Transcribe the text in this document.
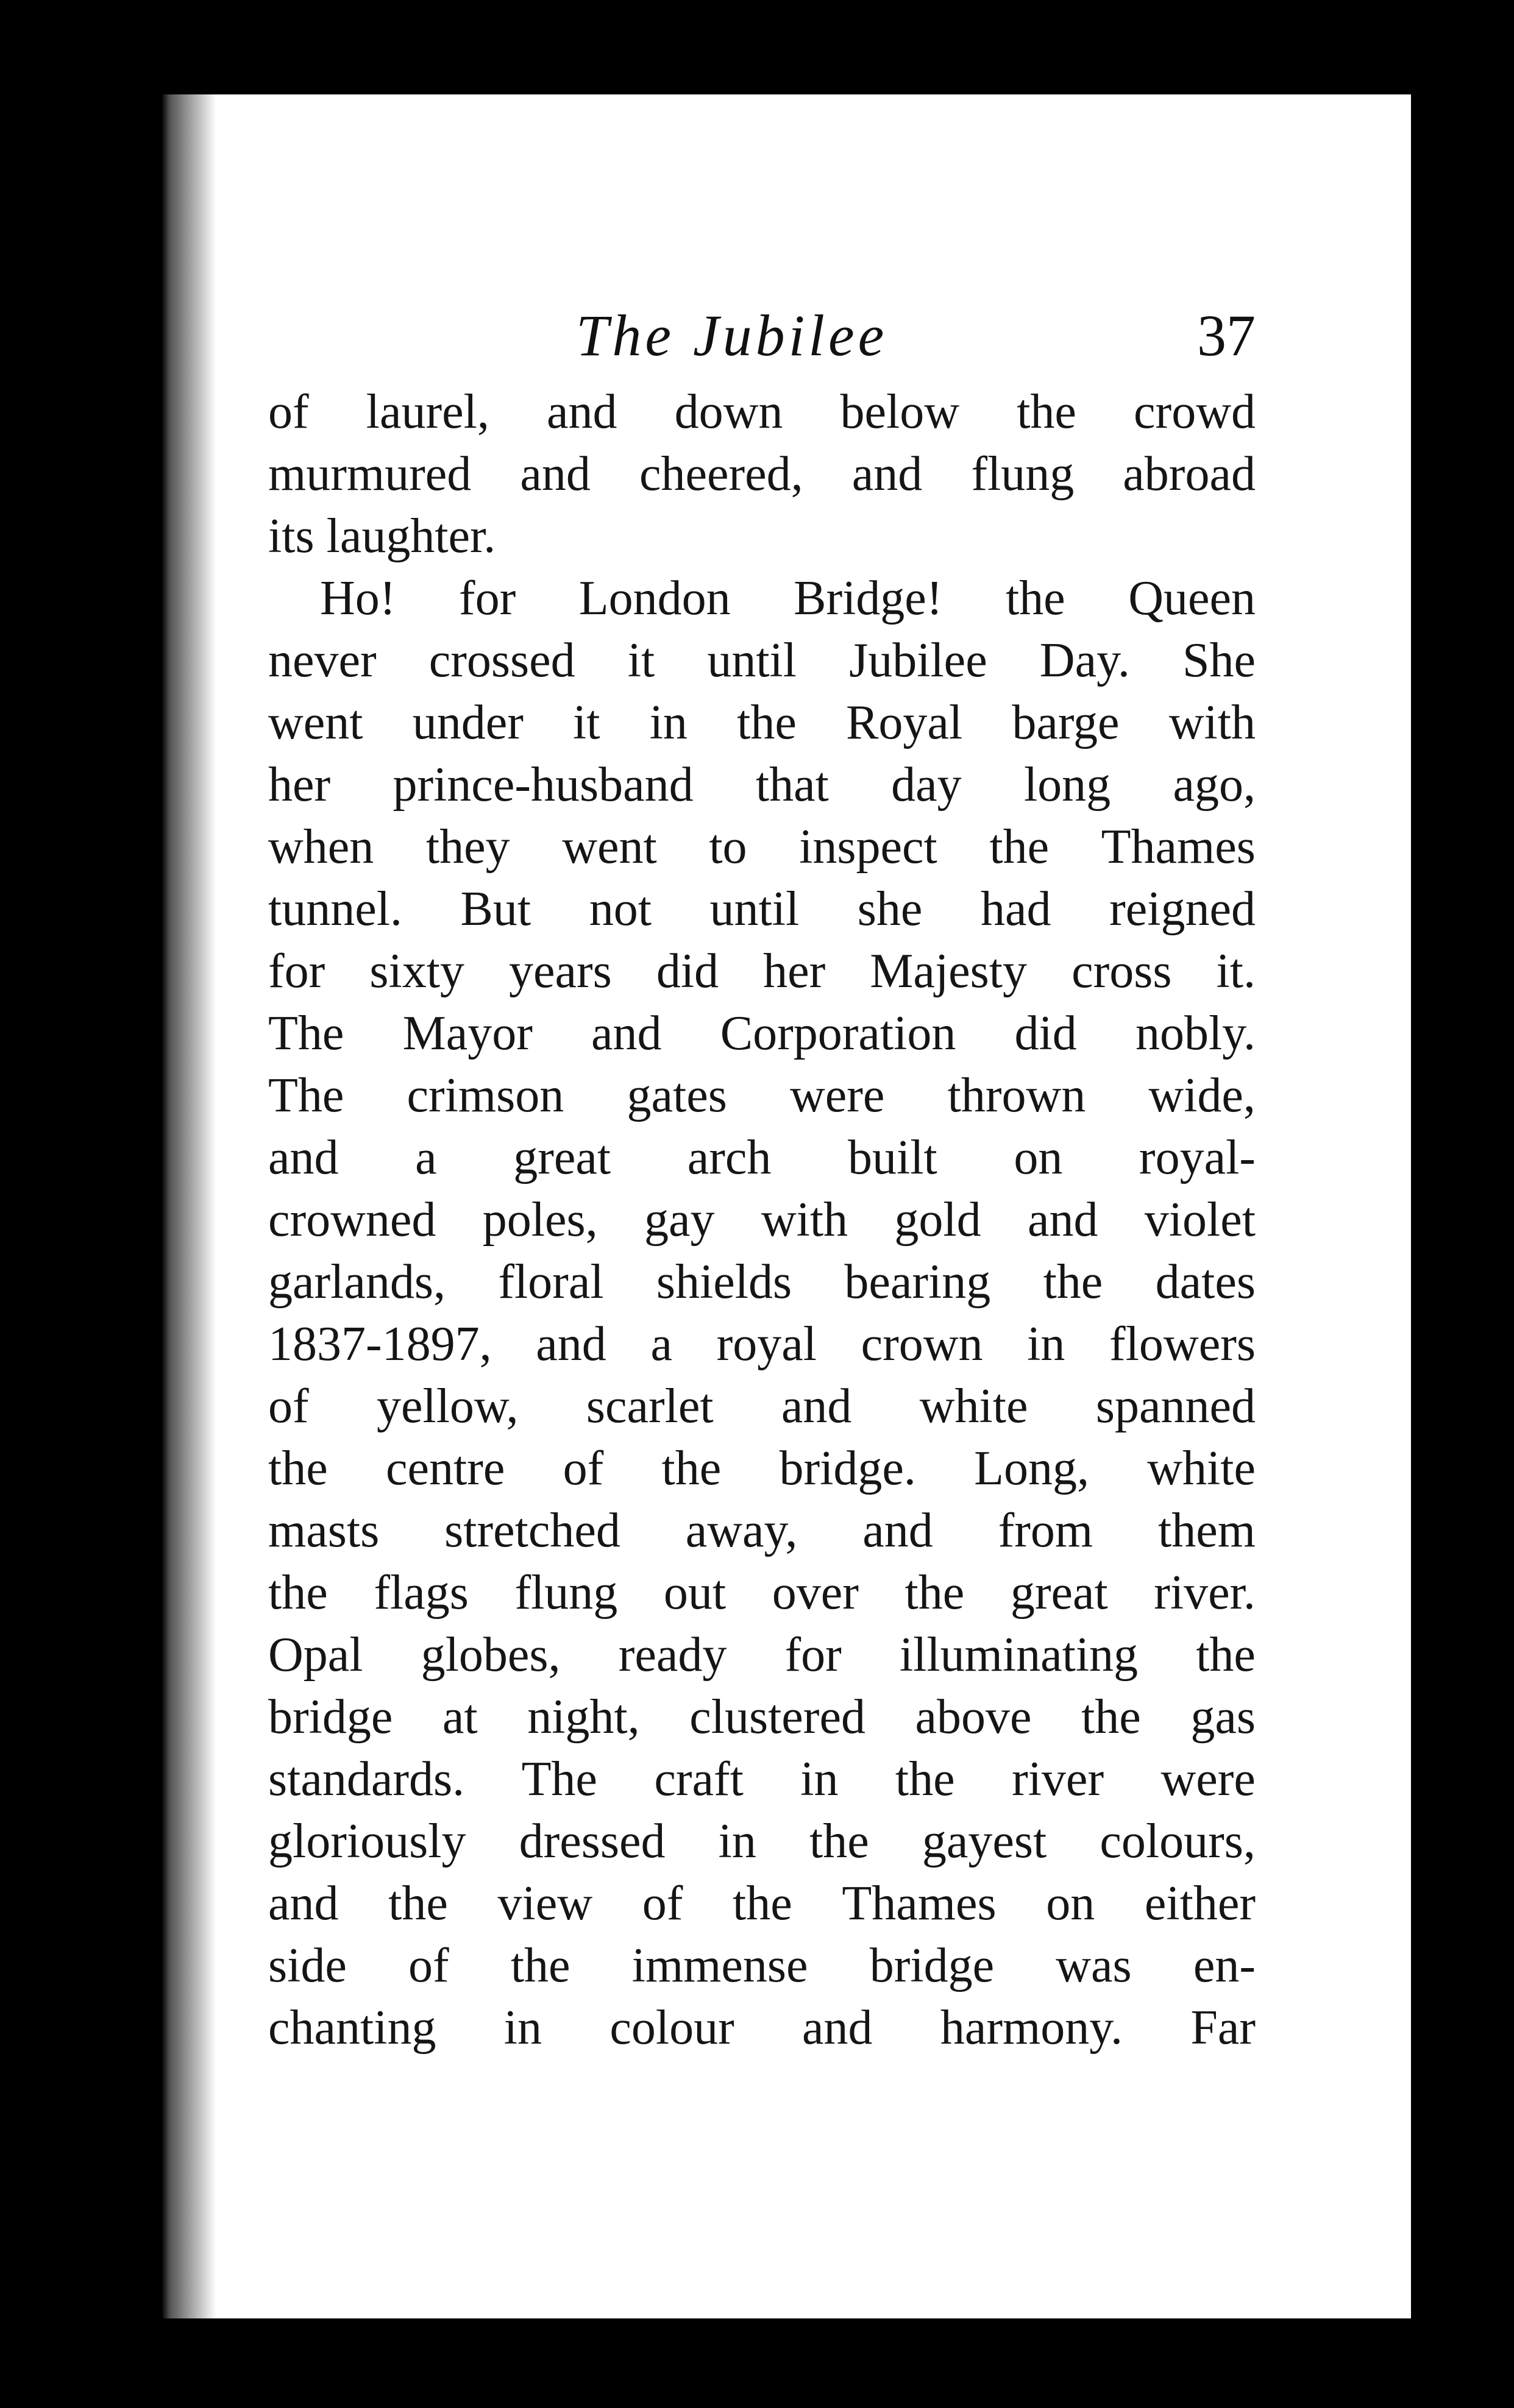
The Jubilee	37
of laurel, and down below the crowd
murmured and cheered, and flung abroad
its laughter.
Ho! for London Bridge! the Queen
never crossed it until Jubilee Day. She
went under it in the Royal barge with
her prince-husband that day long ago,
when they went to inspect the Thames
tunnel. But not until she had reigned
for sixty years did her Majesty cross it.
The Mayor and Corporation did nobly.
The crimson gates were thrown wide,
and a great arch built on royal-
crowned poles, gay with gold and violet
garlands, floral shields bearing the dates
1837-1897, and a royal crown in flowers
of yellow, scarlet and white spanned
the centre of the bridge. Long, white
masts stretched away, and from them
the flags flung out over the great river.
Opal globes, ready for illuminating the
bridge at night, clustered above the gas
standards. The craft in the river were
gloriously dressed in the gayest colours,
and the view of the Thames on either
side of the immense bridge was en-
chanting in colour and harmony. Far
